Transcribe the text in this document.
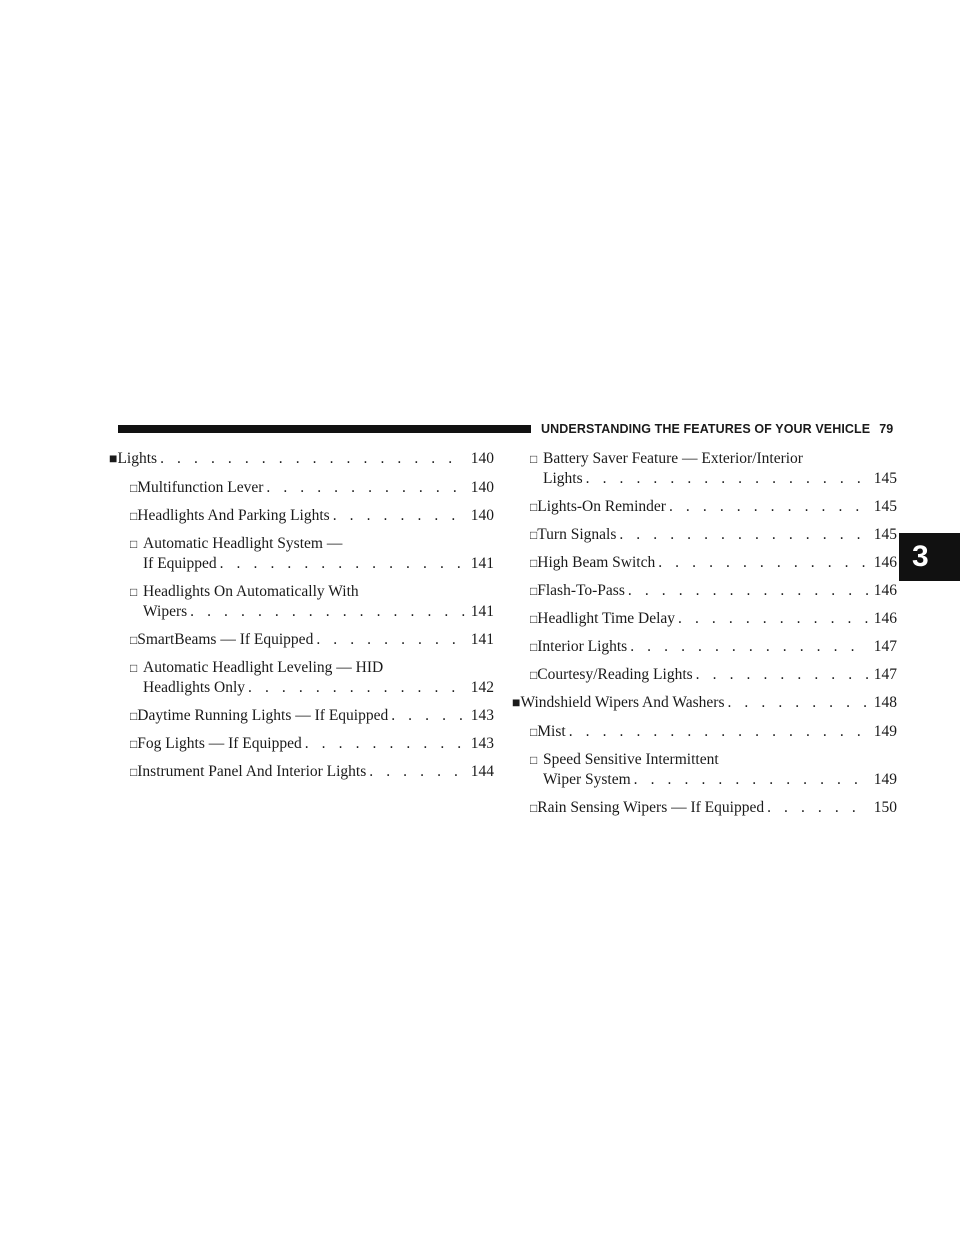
UNDERSTANDING THE FEATURES OF YOUR VEHICLE 79
3
■ Lights . . .	140
□ Multifunction Lever . . .	140
□ Headlights And Parking Lights . . .	140
□ Automatic Headlight System —
If Equipped . . .	141
□ Headlights On Automatically With
Wipers . . .	141
□ SmartBeams — If Equipped . . .	141
□ Automatic Headlight Leveling — HID
Headlights Only . . .	142
□ Daytime Running Lights — If Equipped . . .	143
□ Fog Lights — If Equipped . . .	143
□ Instrument Panel And Interior Lights . . .	144
□ Battery Saver Feature — Exterior/Interior
Lights . . .	145
□ Lights-On Reminder . . .	145
□ Turn Signals . . .	145
□ High Beam Switch . . .	146
□ Flash-To-Pass . . .	146
□ Headlight Time Delay . . .	146
□ Interior Lights . . .	147
□ Courtesy/Reading Lights . . .	147
■ Windshield Wipers And Washers . . .	148
□ Mist . . .	149
□ Speed Sensitive Intermittent
Wiper System . . .	149
□ Rain Sensing Wipers — If Equipped . . .	150
